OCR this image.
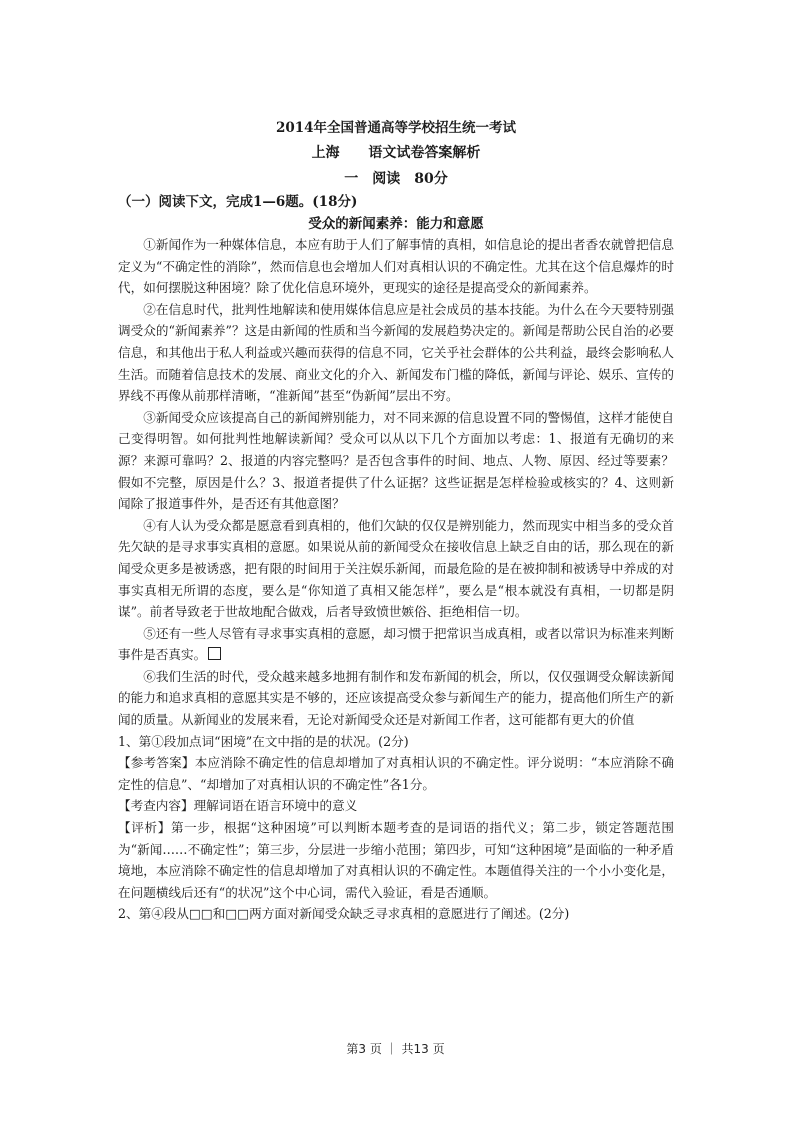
2014年全国普通高等学校招生统一考试

上海　 语文试卷答案解析

一　阅读　80分

（一）阅读下文，完成1—6题。(18分)

受众的新闻素养：能力和意愿

①新闻作为一种媒体信息，本应有助于人们了解事情的真相，如信息论的提出者香农就曾把信息定义为“不确定性的消除”，然而信息也会增加人们对真相认识的不确定性。尤其在这个信息爆炸的时代，如何摆脱这种困境？除了优化信息环境外，更现实的途径是提高受众的新闻素养。

②在信息时代，批判性地解读和使用媒体信息应是社会成员的基本技能。为什么在今天要特别强调受众的“新闻素养”？这是由新闻的性质和当今新闻的发展趋势决定的。新闻是帮助公民自治的必要信息，和其他出于私人利益或兴趣而获得的信息不同，它关乎社会群体的公共利益，最终会影响私人生活。而随着信息技术的发展、商业文化的介入、新闻发布门槛的降低，新闻与评论、娱乐、宣传的界线不再像从前那样清晰，“准新闻”甚至“伪新闻”层出不穷。

③新闻受众应该提高自己的新闻辨别能力，对不同来源的信息设置不同的警惕值，这样才能使自己变得明智。如何批判性地解读新闻？受众可以从以下几个方面加以考虑：1、报道有无确切的来源？来源可靠吗？2、报道的内容完整吗？是否包含事件的时间、地点、人物、原因、经过等要素？假如不完整，原因是什么？3、报道者提供了什么证据？这些证据是怎样检验或核实的？4、这则新闻除了报道事件外，是否还有其他意图？

④有人认为受众都是愿意看到真相的，他们欠缺的仅仅是辨别能力，然而现实中相当多的受众首先欠缺的是寻求事实真相的意愿。如果说从前的新闻受众在接收信息上缺乏自由的话，那么现在的新闻受众更多是被诱惑，把有限的时间用于关注娱乐新闻，而最危险的是在被抑制和被诱导中养成的对事实真相无所谓的态度，要么是“你知道了真相又能怎样”，要么是“根本就没有真相，一切都是阴谋”。前者导致老于世故地配合做戏，后者导致愤世嫉俗、拒绝相信一切。

⑤还有一些人尽管有寻求事实真相的意愿，却习惯于把常识当成真相，或者以常识为标准来判断事件是否真实。

⑥我们生活的时代，受众越来越多地拥有制作和发布新闻的机会，所以，仅仅强调受众解读新闻的能力和追求真相的意愿其实是不够的，还应该提高受众参与新闻生产的能力，提高他们所生产的新闻的质量。从新闻业的发展来看，无论对新闻受众还是对新闻工作者，这可能都有更大的价值

1、第①段加点词“困境”在文中指的是的状况。(2分)

【参考答案】本应消除不确定性的信息却增加了对真相认识的不确定性。评分说明：“本应消除不确定性的信息”、“却增加了对真相认识的不确定性”各1分。

【考查内容】理解词语在语言环境中的意义

【评析】第一步，根据“这种困境”可以判断本题考查的是词语的指代义；第二步，锁定答题范围为“新闻……不确定性”；第三步，分层进一步缩小范围；第四步，可知“这种困境”是面临的一种矛盾境地，本应消除不确定性的信息却增加了对真相认识的不确定性。本题值得关注的一个小小变化是，在问题横线后还有“的状况”这个中心词，需代入验证，看是否通顺。

2、第④段从□□和□□两方面对新闻受众缺乏寻求真相的意愿进行了阐述。(2分)

第3 页 ｜ 共13 页
